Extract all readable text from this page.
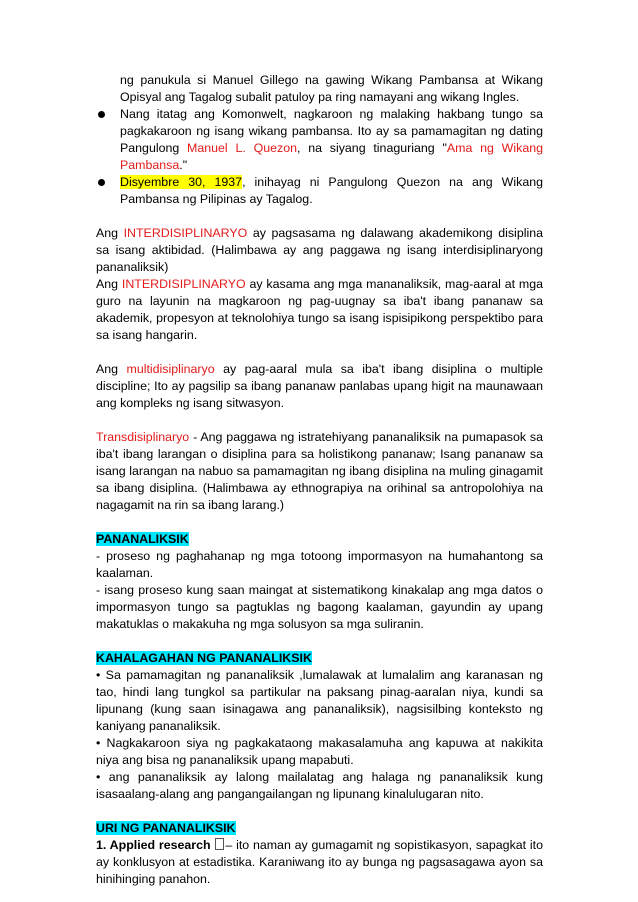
ng panukula si Manuel Gillego na gawing Wikang Pambansa at Wikang Opisyal ang Tagalog subalit patuloy pa ring namayani ang wikang Ingles.

Nang itatag ang Komonwelt, nagkaroon ng malaking hakbang tungo sa pagkakaroon ng isang wikang pambansa. Ito ay sa pamamagitan ng dating Pangulong Manuel L. Quezon, na siyang tinaguriang "Ama ng Wikang Pambansa."

Disyembre 30, 1937, inihayag ni Pangulong Quezon na ang Wikang Pambansa ng Pilipinas ay Tagalog.

Ang INTERDISIPLINARYO ay pagsasama ng dalawang akademikong disiplina sa isang aktibidad. (Halimbawa ay ang paggawa ng isang interdisiplinaryong pananaliksik)

Ang INTERDISIPLINARYO ay kasama ang mga mananaliksik, mag-aaral at mga guro na layunin na magkaroon ng pag-uugnay sa iba't ibang pananaw sa akademik, propesyon at teknolohiya tungo sa isang ispisipikong perspektibo para sa isang hangarin.

Ang multidisiplinaryo ay pag-aaral mula sa iba't ibang disiplina o multiple discipline; Ito ay pagsilip sa ibang pananaw panlabas upang higit na maunawaan ang kompleks ng isang sitwasyon.

Transdisiplinaryo - Ang paggawa ng istratehiyang pananaliksik na pumapasok sa iba't ibang larangan o disiplina para sa holistikong pananaw; Isang pananaw sa isang larangan na nabuo sa pamamagitan ng ibang disiplina na muling ginagamit sa ibang disiplina. (Halimbawa ay ethnograpiya na orihinal sa antropolohiya na nagagamit na rin sa ibang larang.)

PANANALIKSIK

- proseso ng paghahanap ng mga totoong impormasyon na humahantong sa kaalaman.

- isang proseso kung saan maingat at sistematikong kinakalap ang mga datos o impormasyon tungo sa pagtuklas ng bagong kaalaman, gayundin ay upang makatuklas o makakuha ng mga solusyon sa mga suliranin.

KAHALAGAHAN NG PANANALIKSIK

• Sa pamamagitan ng pananaliksik ,lumalawak at lumalalim ang karanasan ng tao, hindi lang tungkol sa partikular na paksang pinag-aaralan niya, kundi sa lipunang (kung saan isinagawa ang pananaliksik), nagsisilbing konteksto ng kaniyang pananaliksik.

• Nagkakaroon siya ng pagkakataong makasalamuha ang kapuwa at nakikita niya ang bisa ng pananaliksik upang mapabuti.

• ang pananaliksik ay lalong mailalatag ang halaga ng pananaliksik kung isasaalang-alang ang pangangailangan ng lipunang kinalulugaran nito.

URI NG PANANALIKSIK

1. Applied research – ito naman ay gumagamit ng sopistikasyon, sapagkat ito ay konklusyon at estadistika. Karaniwang ito ay bunga ng pagsasagawa ayon sa hinihinging panahon.
